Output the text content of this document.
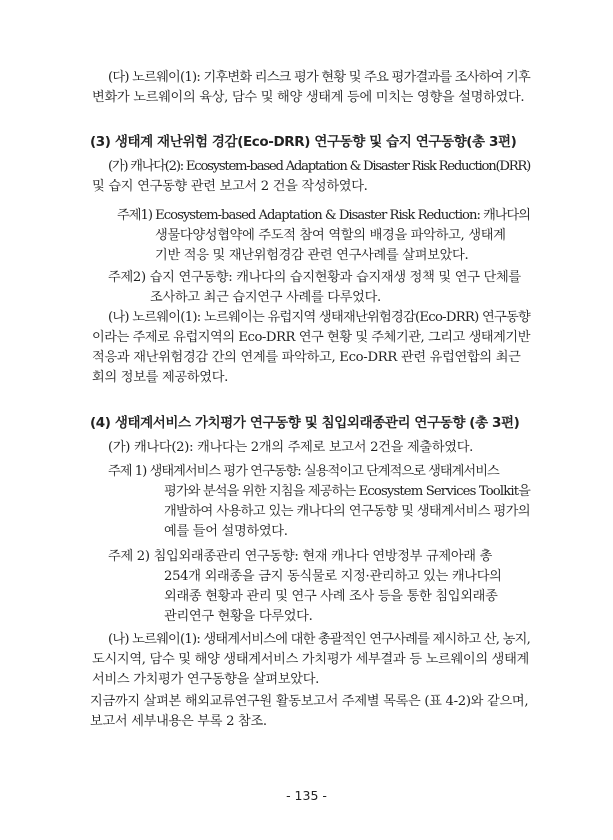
(다) 노르웨이(1): 기후변화 리스크 평가 현황 및 주요 평가결과를 조사하여 기후
변화가 노르웨이의 육상, 담수 및 해양 생태계 등에 미치는 영향을 설명하였다.
(3) 생태계 재난위험 경감(Eco-DRR) 연구동향 및 습지 연구동향(총 3편)
(가) 캐나다(2): Ecosystem-based Adaptation & Disaster Risk Reduction(DRR)
및 습지 연구동향 관련 보고서 2 건을 작성하였다.
주제1) Ecosystem-based Adaptation & Disaster Risk Reduction: 캐나다의
생물다양성협약에 주도적 참여 역할의 배경을 파악하고, 생태계
기반 적응 및 재난위험경감 관련 연구사례를 살펴보았다.
주제2) 습지 연구동향: 캐나다의 습지현황과 습지재생 정책 및 연구 단체를
조사하고 최근 습지연구 사례를 다루었다.
(나) 노르웨이(1): 노르웨이는 유럽지역 생태재난위험경감(Eco-DRR) 연구동향
이라는 주제로 유럽지역의 Eco-DRR 연구 현황 및 주체기관, 그리고 생태계기반
적응과 재난위험경감 간의 연계를 파악하고, Eco-DRR 관련 유럽연합의 최근
회의 정보를 제공하였다.
(4) 생태계서비스 가치평가 연구동향 및 침입외래종관리 연구동향 (총 3편)
(가) 캐나다(2): 캐나다는 2개의 주제로 보고서 2건을 제출하였다.
주제 1) 생태계서비스 평가 연구동향: 실용적이고 단계적으로 생태계서비스
평가와 분석을 위한 지침을 제공하는 Ecosystem Services Toolkit을
개발하여 사용하고 있는 캐나다의 연구동향 및 생태계서비스 평가의
예를 들어 설명하였다.
주제 2) 침입외래종관리 연구동향: 현재 캐나다 연방정부 규제아래 총
254개 외래종을 금지 동식물로 지정·관리하고 있는 캐나다의
외래종 현황과 관리 및 연구 사례 조사 등을 통한 침입외래종
관리연구 현황을 다루었다.
(나) 노르웨이(1): 생태계서비스에 대한 총괄적인 연구사례를 제시하고 산, 농지,
도시지역, 담수 및 해양 생태계서비스 가치평가 세부결과 등 노르웨이의 생태계
서비스 가치평가 연구동향을 살펴보았다.
지금까지 살펴본 해외교류연구원 활동보고서 주제별 목록은 (표 4-2)와 같으며,
보고서 세부내용은 부록 2 참조.
- 135 -
